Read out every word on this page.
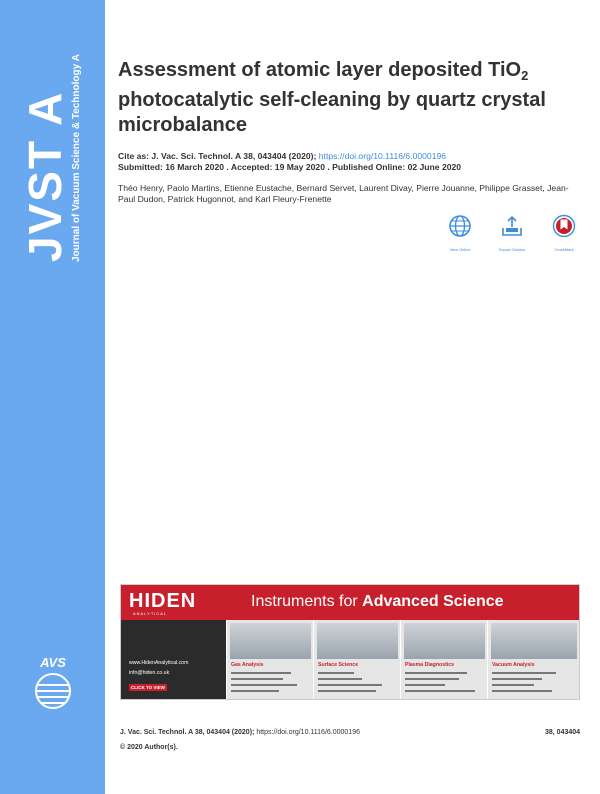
JVST A Journal of Vacuum Science & Technology A
AVS
Assessment of atomic layer deposited TiO$_2$ photocatalytic self-cleaning by quartz crystal microbalance
Cite as: J. Vac. Sci. Technol. A 38, 043404 (2020); https://doi.org/10.1116/6.0000196
Submitted: 16 March 2020 . Accepted: 19 May 2020 . Published Online: 02 June 2020
Théo Henry, Paolo Martins, Etienne Eustache, Bernard Servet, Laurent Divay, Pierre Jouanne, Philippe Grasset, Jean-Paul Dudon, Patrick Hugonnot, and Karl Fleury-Frenette
View Online	Export Citation	CrossMark
HIDEN
ANALYTICAL
Instruments for Advanced Science
www.HidenAnalytical.com
info@hiden.co.uk
CLICK TO VIEW
Gas Analysis	Surface Science	Plasma Diagnostics	Vacuum Analysis
J. Vac. Sci. Technol. A 38, 043404 (2020); https://doi.org/10.1116/6.0000196	38, 043404
© 2020 Author(s).
